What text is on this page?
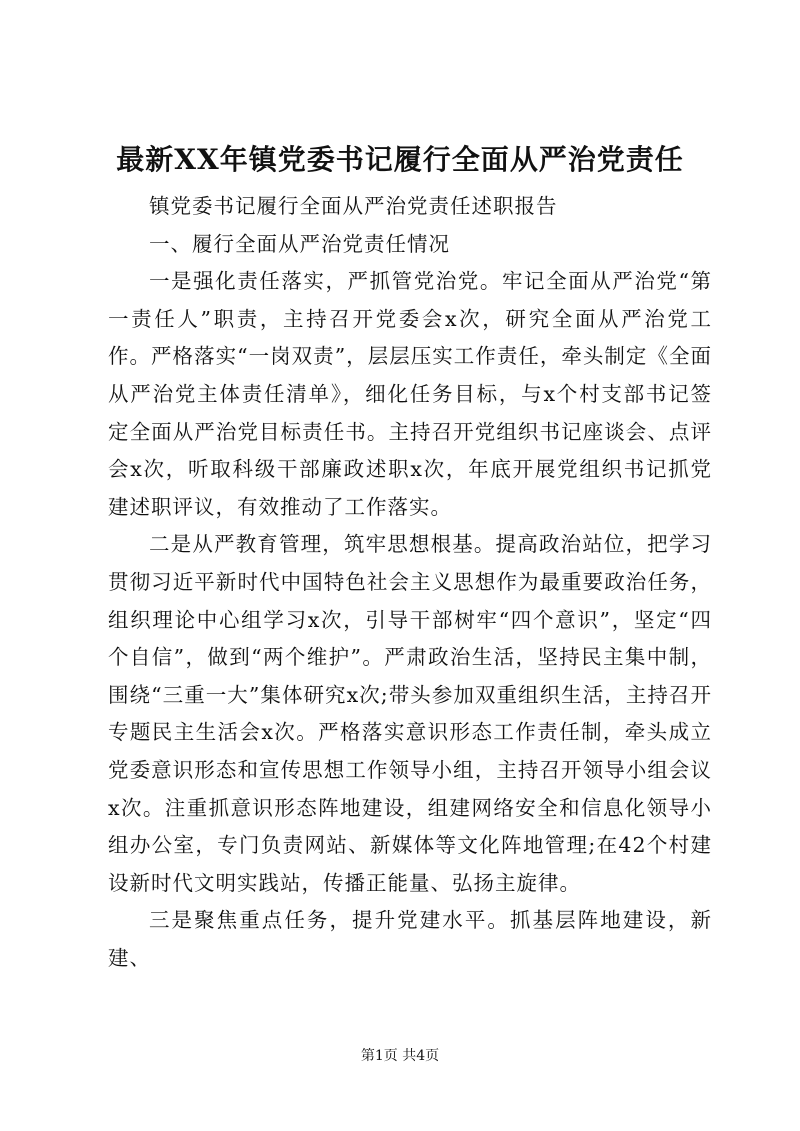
最新XX年镇党委书记履行全面从严治党责任

镇党委书记履行全面从严治党责任述职报告

一、履行全面从严治党责任情况

一是强化责任落实，严抓管党治党。牢记全面从严治党“第一责任人”职责，主持召开党委会x次，研究全面从严治党工作。严格落实“一岗双责”，层层压实工作责任，牵头制定《全面从严治党主体责任清单》，细化任务目标，与x个村支部书记签定全面从严治党目标责任书。主持召开党组织书记座谈会、点评会x次，听取科级干部廉政述职x次，年底开展党组织书记抓党建述职评议，有效推动了工作落实。

二是从严教育管理，筑牢思想根基。提高政治站位，把学习贯彻习近平新时代中国特色社会主义思想作为最重要政治任务，组织理论中心组学习x次，引导干部树牢“四个意识”，坚定“四个自信”，做到“两个维护”。严肃政治生活，坚持民主集中制，围绕“三重一大”集体研究x次;带头参加双重组织生活，主持召开专题民主生活会x次。严格落实意识形态工作责任制，牵头成立党委意识形态和宣传思想工作领导小组，主持召开领导小组会议x次。注重抓意识形态阵地建设，组建网络安全和信息化领导小组办公室，专门负责网站、新媒体等文化阵地管理;在42个村建设新时代文明实践站，传播正能量、弘扬主旋律。

三是聚焦重点任务，提升党建水平。抓基层阵地建设，新建、

第1页 共4页
